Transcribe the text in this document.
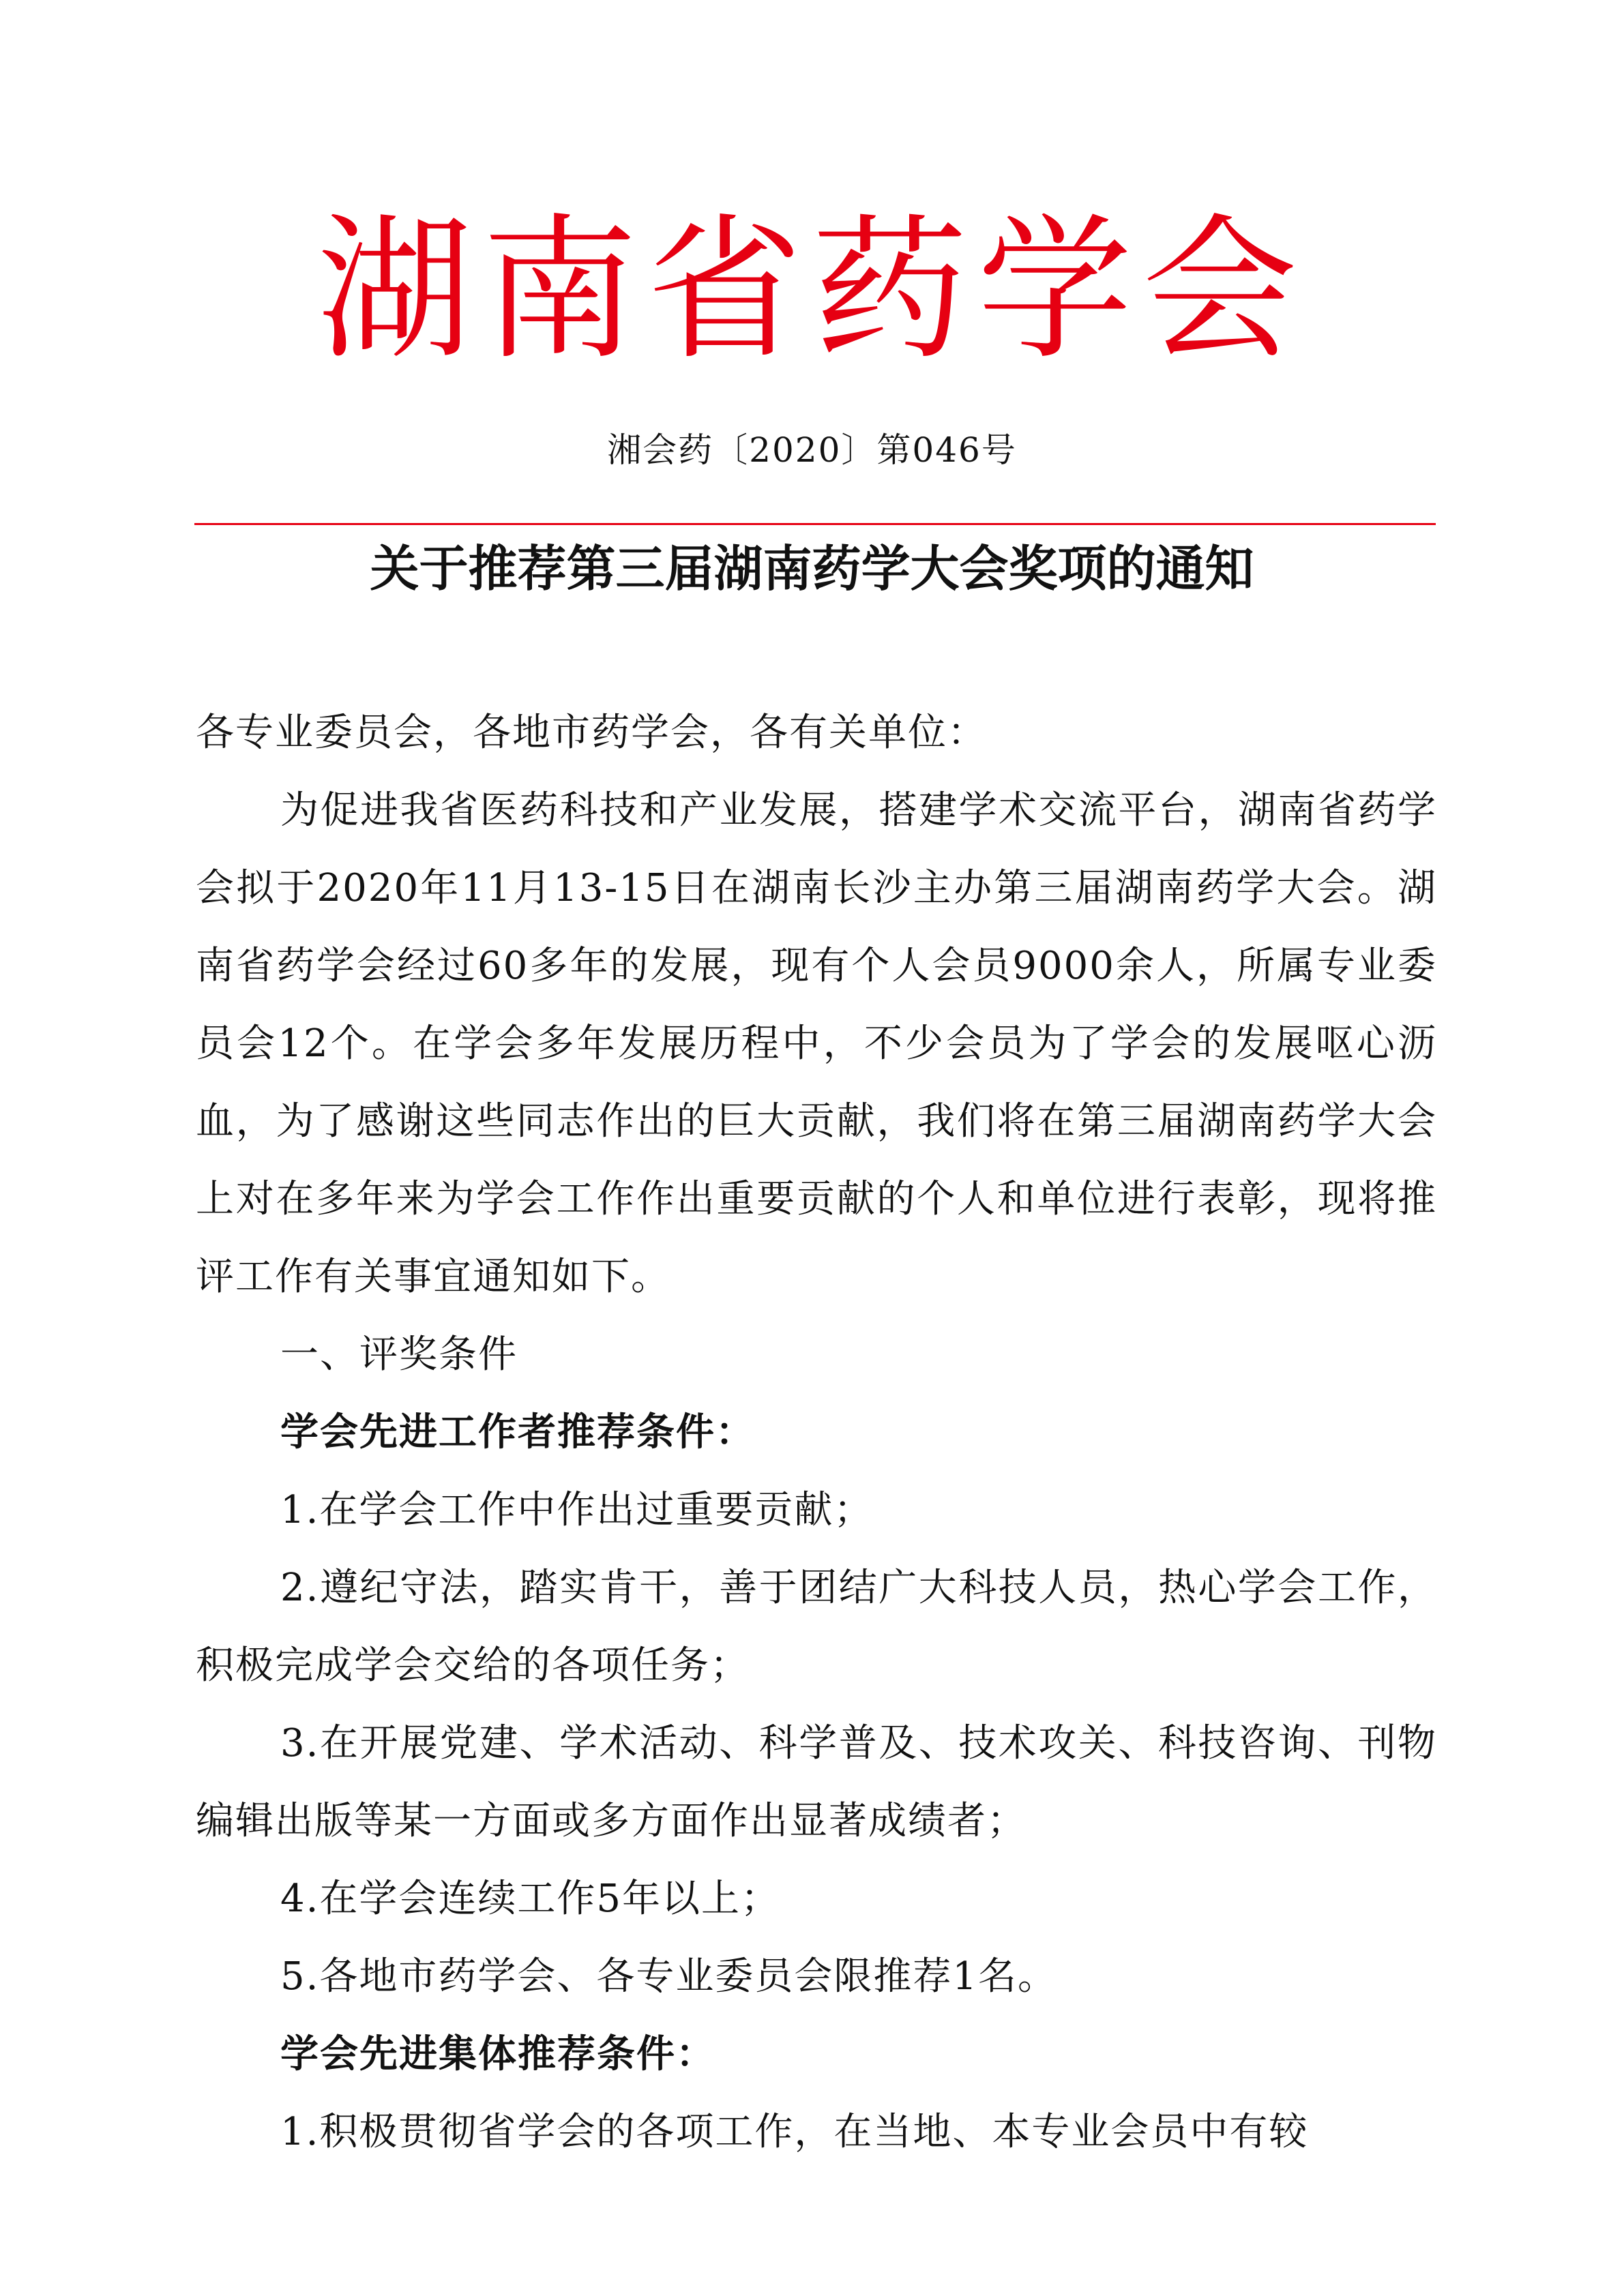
湖南省药学会
湘会药〔2020〕第046号
关于推荐第三届湖南药学大会奖项的通知

各专业委员会，各地市药学会，各有关单位：

为促进我省医药科技和产业发展，搭建学术交流平台，湖南省药学会拟于2020年11月13-15日在湖南长沙主办第三届湖南药学大会。湖南省药学会经过60多年的发展，现有个人会员9000余人，所属专业委员会12个。在学会多年发展历程中，不少会员为了学会的发展呕心沥血，为了感谢这些同志作出的巨大贡献，我们将在第三届湖南药学大会上对在多年来为学会工作作出重要贡献的个人和单位进行表彰，现将推评工作有关事宜通知如下。

一、评奖条件

学会先进工作者推荐条件：

1.在学会工作中作出过重要贡献；

2.遵纪守法，踏实肯干，善于团结广大科技人员，热心学会工作，积极完成学会交给的各项任务；

3.在开展党建、学术活动、科学普及、技术攻关、科技咨询、刊物编辑出版等某一方面或多方面作出显著成绩者；

4.在学会连续工作5年以上；

5.各地市药学会、各专业委员会限推荐1名。

学会先进集体推荐条件：

1.积极贯彻省学会的各项工作，在当地、本专业会员中有较
